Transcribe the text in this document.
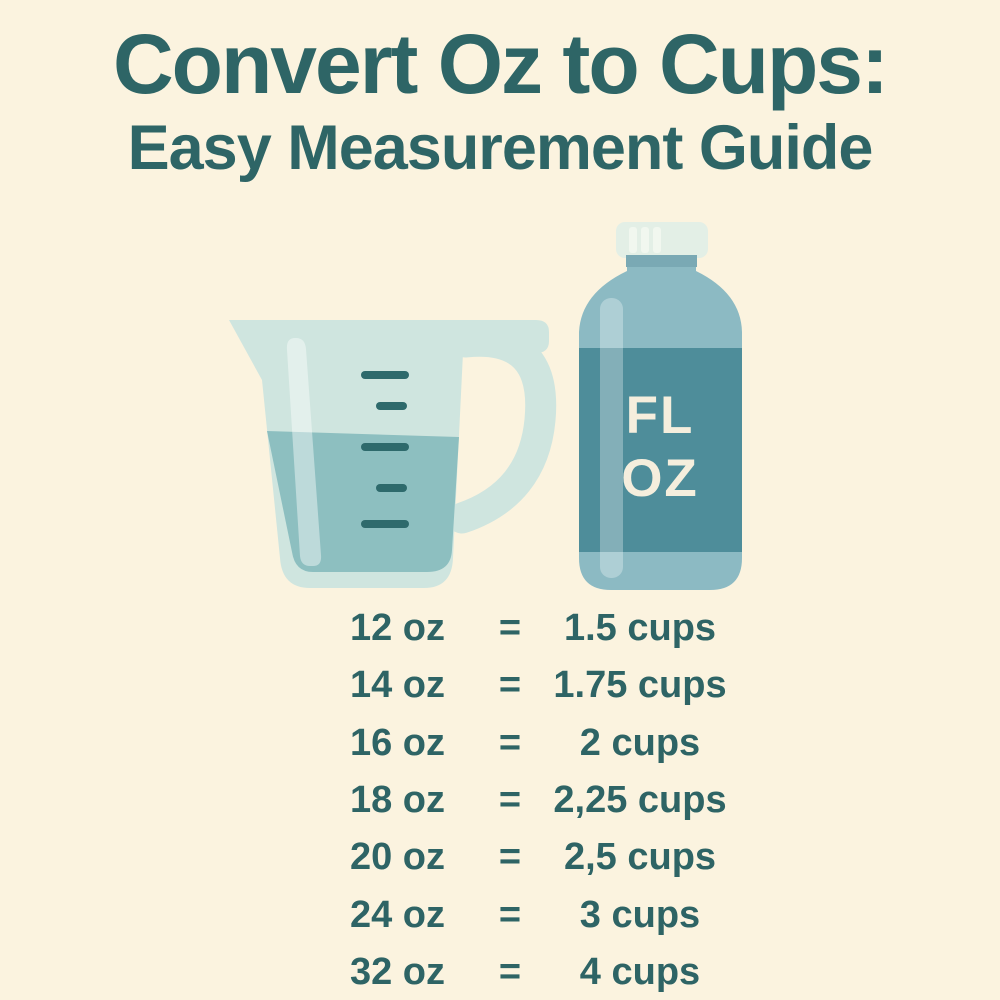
Convert Oz to Cups:
Easy Measurement Guide
FL
OZ
12 oz	=	1.5 cups
14 oz	= 1.75 cups
16 oz	=	2 cups
18 oz	= 2,25 cups
20 oz	=	2,5 cups
24 oz	=	3 cups
32 oz	=	4 cups
